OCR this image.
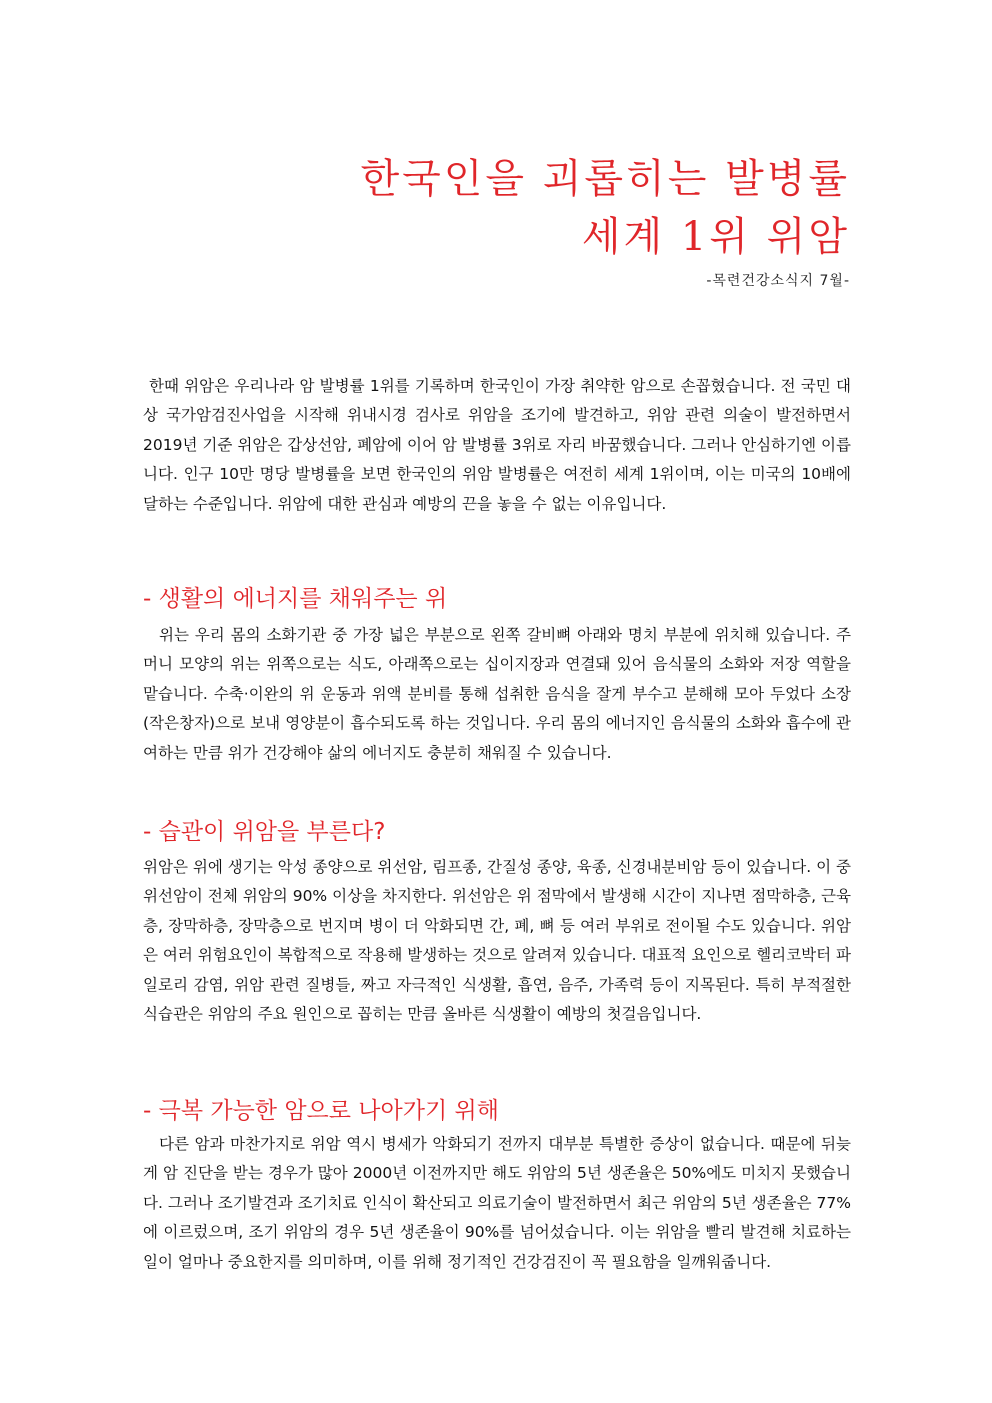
한국인을 괴롭히는 발병률
세계 1위 위암
-목련건강소식지 7월-

한때 위암은 우리나라 암 발병률 1위를 기록하며 한국인이 가장 취약한 암으로 손꼽혔습니다. 전 국민 대상 국가암검진사업을 시작해 위내시경 검사로 위암을 조기에 발견하고, 위암 관련 의술이 발전하면서 2019년 기준 위암은 갑상선암, 폐암에 이어 암 발병률 3위로 자리 바꿈했습니다. 그러나 안심하기엔 이릅니다. 인구 10만 명당 발병률을 보면 한국인의 위암 발병률은 여전히 세계 1위이며, 이는 미국의 10배에 달하는 수준입니다. 위암에 대한 관심과 예방의 끈을 놓을 수 없는 이유입니다.

- 생활의 에너지를 채워주는 위

위는 우리 몸의 소화기관 중 가장 넓은 부분으로 왼쪽 갈비뼈 아래와 명치 부분에 위치해 있습니다. 주머니 모양의 위는 위쪽으로는 식도, 아래쪽으로는 십이지장과 연결돼 있어 음식물의 소화와 저장 역할을 맡습니다. 수축·이완의 위 운동과 위액 분비를 통해 섭취한 음식을 잘게 부수고 분해해 모아 두었다 소장(작은창자)으로 보내 영양분이 흡수되도록 하는 것입니다. 우리 몸의 에너지인 음식물의 소화와 흡수에 관여하는 만큼 위가 건강해야 삶의 에너지도 충분히 채워질 수 있습니다.

- 습관이 위암을 부른다?

위암은 위에 생기는 악성 종양으로 위선암, 림프종, 간질성 종양, 육종, 신경내분비암 등이 있습니다. 이 중 위선암이 전체 위암의 90% 이상을 차지한다. 위선암은 위 점막에서 발생해 시간이 지나면 점막하층, 근육층, 장막하층, 장막층으로 번지며 병이 더 악화되면 간, 폐, 뼈 등 여러 부위로 전이될 수도 있습니다. 위암은 여러 위험요인이 복합적으로 작용해 발생하는 것으로 알려져 있습니다. 대표적 요인으로 헬리코박터 파일로리 감염, 위암 관련 질병들, 짜고 자극적인 식생활, 흡연, 음주, 가족력 등이 지목된다. 특히 부적절한 식습관은 위암의 주요 원인으로 꼽히는 만큼 올바른 식생활이 예방의 첫걸음입니다.

- 극복 가능한 암으로 나아가기 위해

다른 암과 마찬가지로 위암 역시 병세가 악화되기 전까지 대부분 특별한 증상이 없습니다. 때문에 뒤늦게 암 진단을 받는 경우가 많아 2000년 이전까지만 해도 위암의 5년 생존율은 50%에도 미치지 못했습니다. 그러나 조기발견과 조기치료 인식이 확산되고 의료기술이 발전하면서 최근 위암의 5년 생존율은 77%에 이르렀으며, 조기 위암의 경우 5년 생존율이 90%를 넘어섰습니다. 이는 위암을 빨리 발견해 치료하는 일이 얼마나 중요한지를 의미하며, 이를 위해 정기적인 건강검진이 꼭 필요함을 일깨워줍니다.
